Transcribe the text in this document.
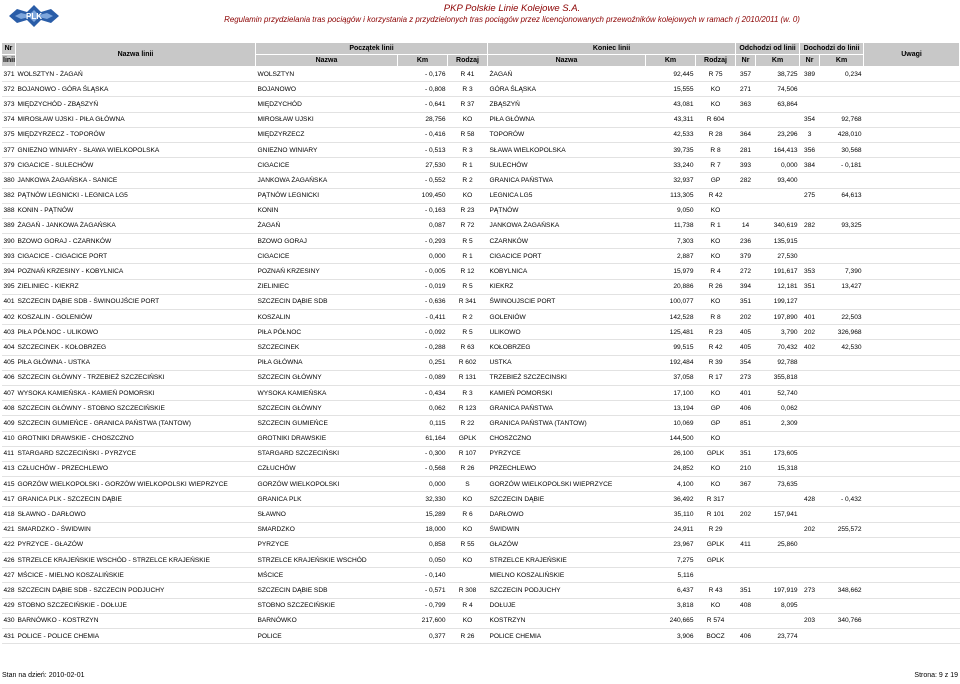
PLK
PKP Polskie Linie Kolejowe S.A.
Regulamin przydzielania tras pociągów i korzystania z przydzielonych tras pociągów przez licencjonowanych przewoźników kolejowych w ramach rj 2010/2011 (w. 0)
Nr	Nazwa linii	Początek linii			Koniec linii			Odchodzi od linii		Dochodzi do linii		Uwagi
linii		Nazwa	Km	Rodzaj	Nazwa	Km	Rodzaj	Nr	Km	Nr	Km	
371	WOLSZTYN - ŻAGAŃ	WOLSZTYN	- 0,176	R 41	ŻAGAŃ	92,445	R 75	357	38,725	389	0,234	
372	BOJANOWO - GÓRA ŚLĄSKA	BOJANOWO	- 0,808	R 3	GÓRA ŚLĄSKA	15,555	KO	271	74,506			
373	MIĘDZYCHÓD - ZBĄSZYŃ	MIĘDZYCHÓD	- 0,641	R 37	ZBĄSZYŃ	43,081	KO	363	63,864			
374	MIROSŁAW UJSKI - PIŁA GŁÓWNA	MIROSŁAW UJSKI	28,756	KO	PIŁA GŁÓWNA	43,311	R 604			354	92,768	
375	MIĘDZYRZECZ - TOPORÓW	MIĘDZYRZECZ	- 0,416	R 58	TOPORÓW	42,533	R 28	364	23,296	3	428,010	
377	GNIEZNO WINIARY - SŁAWA WIELKOPOLSKA	GNIEZNO WINIARY	- 0,513	R 3	SŁAWA WIELKOPOLSKA	39,735	R 8	281	164,413	356	30,568	
379	CIGACICE - SULECHÓW	CIGACICE	27,530	R 1	SULECHÓW	33,240	R 7	393	0,000	384	- 0,181	
380	JANKOWA ŻAGAŃSKA - SANICE	JANKOWA ŻAGAŃSKA	- 0,552	R 2	GRANICA PAŃSTWA	32,937	GP	282	93,400			
382	PĄTNÓW LEGNICKI - LEGNICA LG5	PĄTNÓW LEGNICKI	109,450	KO	LEGNICA LG5	113,305	R 42			275	64,613	
388	KONIN - PĄTNÓW	KONIN	- 0,163	R 23	PĄTNÓW	9,050	KO					
389	ŻAGAŃ - JANKOWA ŻAGAŃSKA	ŻAGAŃ	0,087	R 72	JANKOWA ŻAGAŃSKA	11,738	R 1	14	340,619	282	93,325	
390	BZOWO GORAJ - CZARNKÓW	BZOWO GORAJ	- 0,293	R 5	CZARNKÓW	7,303	KO	236	135,915			
393	CIGACICE - CIGACICE PORT	CIGACICE	0,000	R 1	CIGACICE PORT	2,887	KO	379	27,530			
394	POZNAŃ KRZESINY - KOBYLNICA	POZNAŃ KRZESINY	- 0,005	R 12	KOBYLNICA	15,979	R 4	272	191,617	353	7,390	
395	ZIELINIEC - KIEKRZ	ZIELINIEC	- 0,019	R 5	KIEKRZ	20,886	R 26	394	12,181	351	13,427	
401	SZCZECIN DĄBIE SDB - ŚWINOUJŚCIE PORT	SZCZECIN DĄBIE SDB	- 0,636	R 341	ŚWINOUJSCIE PORT	100,077	KO	351	199,127			
402	KOSZALIN - GOLENIÓW	KOSZALIN	- 0,411	R 2	GOLENIÓW	142,528	R 8	202	197,890	401	22,503	
403	PIŁA PÓŁNOC - ULIKOWO	PIŁA PÓŁNOC	- 0,092	R 5	ULIKOWO	125,481	R 23	405	3,790	202	326,968	
404	SZCZECINEK - KOŁOBRZEG	SZCZECINEK	- 0,288	R 63	KOŁOBRZEG	99,515	R 42	405	70,432	402	42,530	
405	PIŁA GŁÓWNA - USTKA	PIŁA GŁÓWNA	0,251	R 602	USTKA	192,484	R 39	354	92,788			
406	SZCZECIN GŁÓWNY - TRZEBIEŻ SZCZECIŃSKI	SZCZECIN GŁÓWNY	- 0,089	R 131	TRZEBIEŻ SZCZECINSKI	37,058	R 17	273	355,818			
407	WYSOKA KAMIEŃSKA - KAMIEŃ POMORSKI	WYSOKA KAMIEŃSKA	- 0,434	R 3	KAMIEŃ POMORSKI	17,100	KO	401	52,740			
408	SZCZECIN GŁÓWNY - STOBNO SZCZECIŃSKIE	SZCZECIN GŁÓWNY	0,062	R 123	GRANICA PAŃSTWA	13,194	GP	406	0,062			
409	SZCZECIN GUMIEŃCE - GRANICA PAŃSTWA (TANTOW)	SZCZECIN GUMIEŃCE	0,115	R 22	GRANICA PAŃSTWA (TANTOW)	10,069	GP	851	2,309			
410	GROTNIKI DRAWSKIE - CHOSZCZNO	GROTNIKI DRAWSKIE	61,164	GPLK	CHOSZCZNO	144,500	KO					
411	STARGARD SZCZECIŃSKI - PYRZYCE	STARGARD SZCZECIŃSKI	- 0,300	R 107	PYRZYCE	26,100	GPLK	351	173,605			
413	CZŁUCHÓW - PRZECHLEWO	CZŁUCHÓW	- 0,568	R 26	PRZECHLEWO	24,852	KO	210	15,318			
415	GORZÓW WIELKOPOLSKI - GORZÓW WIELKOPOLSKI WIEPRZYCE	GORZÓW WIELKOPOLSKI	0,000	S	GORZÓW WIELKOPOLSKI WIEPRZYCE	4,100	KO	367	73,635			
417	GRANICA PLK - SZCZECIN DĄBIE	GRANICA PLK	32,330	KO	SZCZECIN DĄBIE	36,492	R 317			428	- 0,432	
418	SŁAWNO - DARŁOWO	SŁAWNO	15,289	R 6	DARŁOWO	35,110	R 101	202	157,941			
421	SMARDZKO - ŚWIDWIN	SMARDZKO	18,000	KO	ŚWIDWIN	24,911	R 29			202	255,572	
422	PYRZYCE - GŁAZÓW	PYRZYCE	0,858	R 55	GŁAZÓW	23,967	GPLK	411	25,860			
426	STRZELCE KRAJEŃSKIE WSCHÓD - STRZELCE KRAJEŃSKIE	STRZELCE KRAJEŃSKIE WSCHÓD	0,050	KO	STRZELCE KRAJEŃSKIE	7,275	GPLK					
427	MŚCICE - MIELNO KOSZALIŃSKIE	MŚCICE	- 0,140		MIELNO KOSZALIŃSKIE	5,116						
428	SZCZECIN DĄBIE SDB - SZCZECIN PODJUCHY	SZCZECIN DĄBIE SDB	- 0,571	R 308	SZCZECIN PODJUCHY	6,437	R 43	351	197,919	273	348,662	
429	STOBNO SZCZECIŃSKIE - DOŁUJE	STOBNO SZCZECIŃSKIE	- 0,799	R 4	DOŁUJE	3,818	KO	408	8,095			
430	BARNÓWKO - KOSTRZYN	BARNÓWKO	217,600	KO	KOSTRZYN	240,665	R 574			203	340,766	
431	POLICE - POLICE CHEMIA	POLICE	0,377	R 26	POLICE CHEMIA	3,906	BOCZ	406	23,774			
Stan na dzień: 2010-02-01	Strona: 9 z 19
